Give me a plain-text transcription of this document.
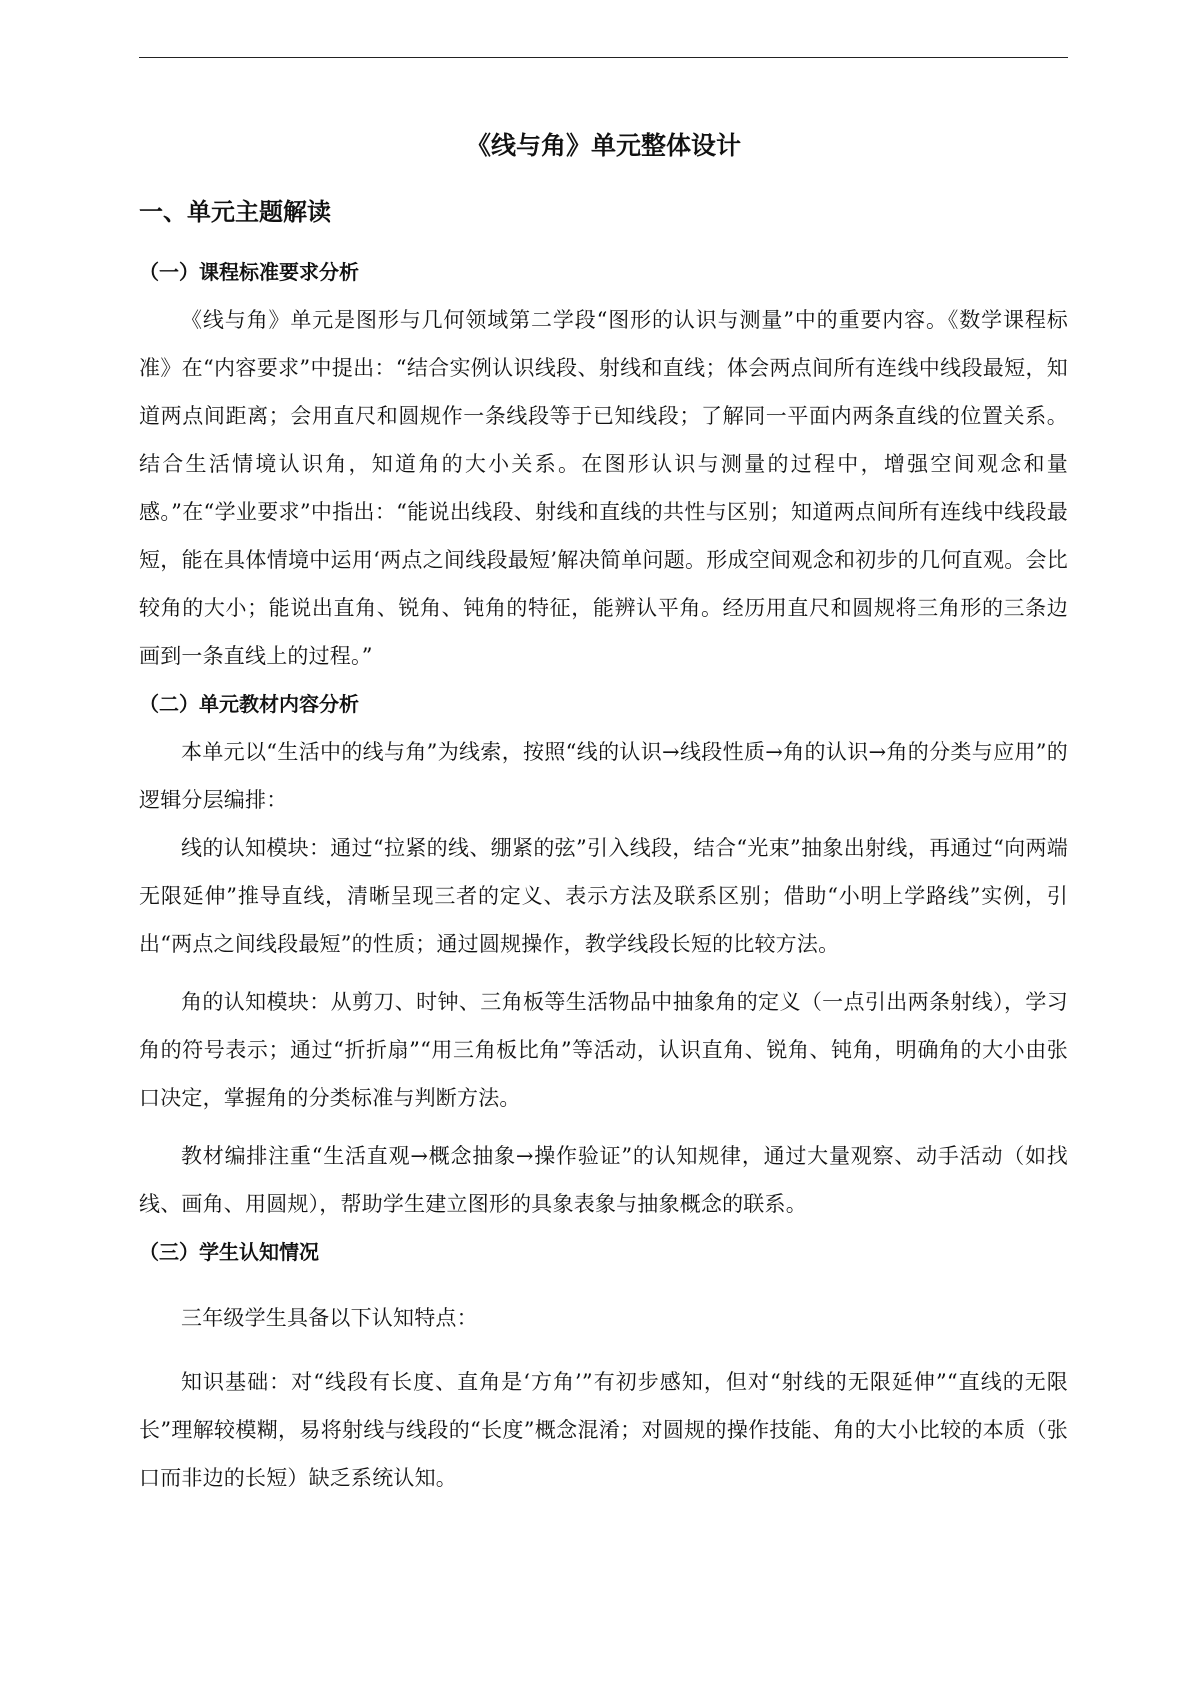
《线与角》单元整体设计
一、单元主题解读
（一）课程标准要求分析

《线与角》单元是图形与几何领域第二学段“图形的认识与测量”中的重要内容。《数学课程标准》在“内容要求”中提出：“结合实例认识线段、射线和直线；体会两点间所有连线中线段最短，知道两点间距离；会用直尺和圆规作一条线段等于已知线段；了解同一平面内两条直线的位置关系。结合生活情境认识角，知道角的大小关系。在图形认识与测量的过程中，增强空间观念和量感。”在“学业要求”中指出：“能说出线段、射线和直线的共性与区别；知道两点间所有连线中线段最短，能在具体情境中运用‘两点之间线段最短’解决简单问题。形成空间观念和初步的几何直观。会比较角的大小；能说出直角、锐角、钝角的特征，能辨认平角。经历用直尺和圆规将三角形的三条边画到一条直线上的过程。”

（二）单元教材内容分析

本单元以“生活中的线与角”为线索，按照“线的认识→线段性质→角的认识→角的分类与应用”的逻辑分层编排：

线的认知模块：通过“拉紧的线、绷紧的弦”引入线段，结合“光束”抽象出射线，再通过“向两端无限延伸”推导直线，清晰呈现三者的定义、表示方法及联系区别；借助“小明上学路线”实例，引出“两点之间线段最短”的性质；通过圆规操作，教学线段长短的比较方法。

角的认知模块：从剪刀、时钟、三角板等生活物品中抽象角的定义（一点引出两条射线），学习角的符号表示；通过“折折扇”“用三角板比角”等活动，认识直角、锐角、钝角，明确角的大小由张口决定，掌握角的分类标准与判断方法。

教材编排注重“生活直观→概念抽象→操作验证”的认知规律，通过大量观察、动手活动（如找线、画角、用圆规），帮助学生建立图形的具象表象与抽象概念的联系。

（三）学生认知情况

三年级学生具备以下认知特点：

知识基础：对“线段有长度、直角是‘方角’”有初步感知，但对“射线的无限延伸”“直线的无限长”理解较模糊，易将射线与线段的“长度”概念混淆；对圆规的操作技能、角的大小比较的本质（张口而非边的长短）缺乏系统认知。
